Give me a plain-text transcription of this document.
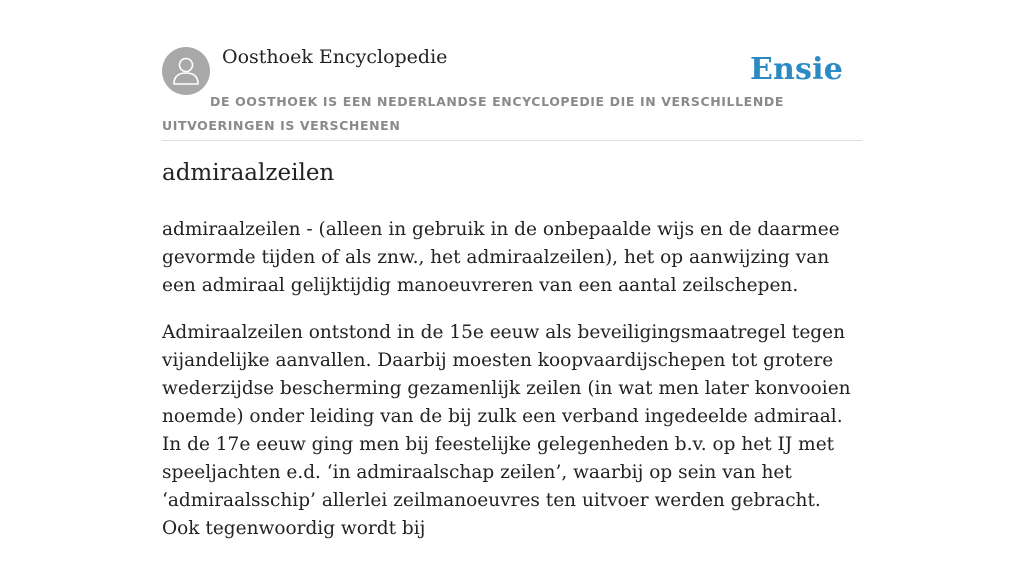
Oosthoek Encyclopedie	Ensie
DE OOSTHOEK IS EEN NEDERLANDSE ENCYCLOPEDIE DIE IN VERSCHILLENDE UITVOERINGEN IS VERSCHENEN
admiraalzeilen

admiraalzeilen - (alleen in gebruik in de onbepaalde wijs en de daarmee gevormde tijden of als znw., het admiraalzeilen), het op aanwijzing van een admiraal gelijktijdig manoeuvreren van een aantal zeilschepen.

Admiraalzeilen ontstond in de 15e eeuw als beveiligingsmaatregel tegen vijandelijke aanvallen. Daarbij moesten koopvaardijschepen tot grotere wederzijdse bescherming gezamenlijk zeilen (in wat men later konvooien noemde) onder leiding van de bij zulk een verband ingedeelde admiraal. In de 17e eeuw ging men bij feestelijke gelegenheden b.v. op het IJ met speeljachten e.d. ‘in admiraalschap zeilen’, waarbij op sein van het ‘admiraalsschip’ allerlei zeilmanoeuvres ten uitvoer werden gebracht. Ook tegenwoordig wordt bij
